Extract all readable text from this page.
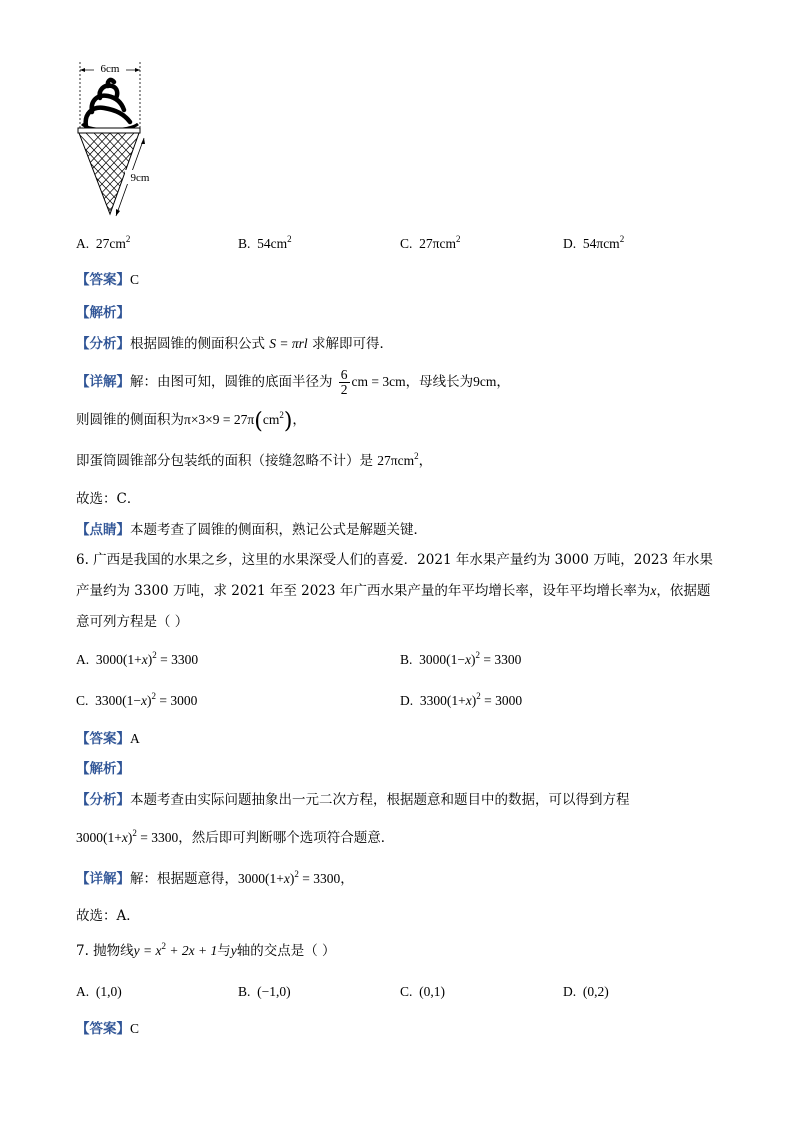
6cm
9cm
A. $27cm^2$	B. $54cm^2$	C. 27πcm$^2$	D. 54πcm$^2$
【答案】C
【解析】
【分析】根据圆锥的侧面积公式 S = πrl 求解即可得．
【详解】解：由图可知，圆锥的底面半径为 $\frac{6}{2}$ cm = 3cm，母线长为9cm，
则圆锥的侧面积为$\pi\times 3\times 9 = 27\pi(cm^2)$，
即蛋筒圆锥部分包装纸的面积（接缝忽略不计）是 27πcm$^2$，
故选：C．
【点睛】本题考查了圆锥的侧面积，熟记公式是解题关键．
6. 广西是我国的水果之乡，这里的水果深受人们的喜爱．2021 年水果产量约为 3000 万吨，2023 年水果
产量约为 3300 万吨，求 2021 年至 2023 年广西水果产量的年平均增长率，设年平均增长率为x，依据题
意可列方程是（ ）
A. $3000(1+x)^2 = 3300$	B. $3000(1-x)^2 = 3300$
C. $3300(1-x)^2 = 3000$	D. $3300(1+x)^2 = 3000$
【答案】A
【解析】
【分析】本题考查由实际问题抽象出一元二次方程，根据题意和题目中的数据，可以得到方程
$3000(1+x)^2 = 3300$，然后即可判断哪个选项符合题意．
【详解】解：根据题意得，$3000(1+x)^2 = 3300$，
故选：A．
7. 抛物线$y = x^2 + 2x + 1$与y轴的交点是（ ）
A. (1,0)	B. (−1,0)	C. (0,1)	D. (0,2)
【答案】C
